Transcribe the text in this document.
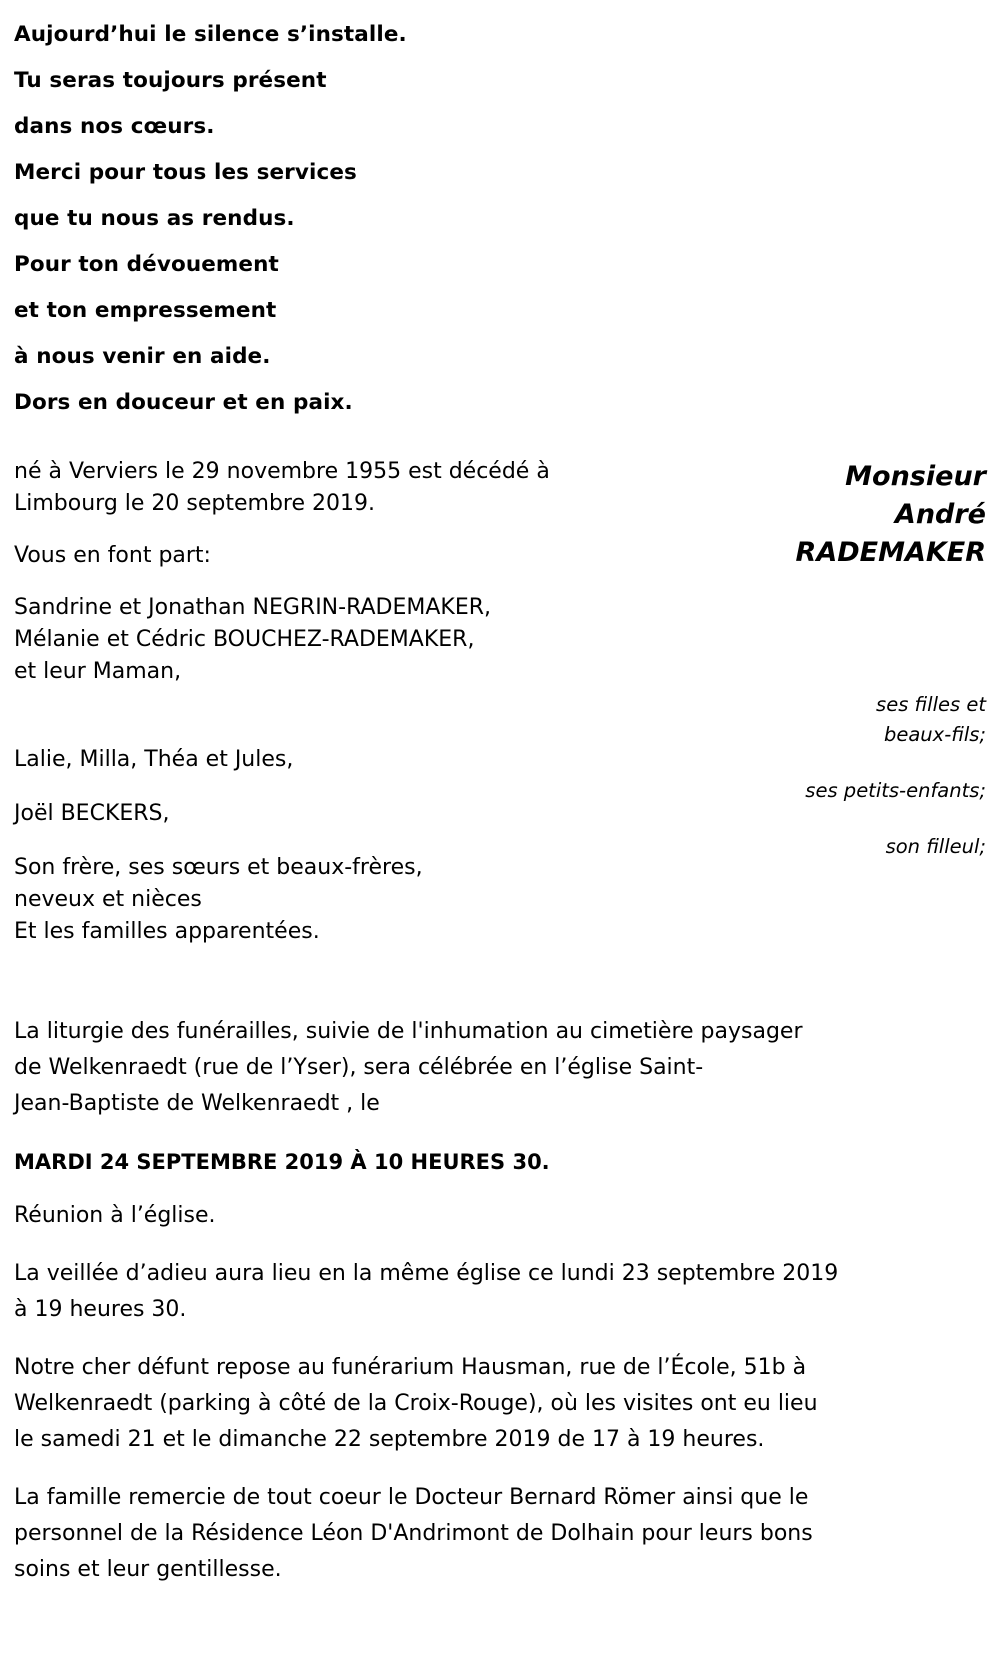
Aujourd’hui le silence s’installe.
Tu seras toujours présent
dans nos cœurs.
Merci pour tous les services
que tu nous as rendus.
Pour ton dévouement
et ton empressement
à nous venir en aide.
Dors en douceur et en paix.
né à Verviers le 29 novembre 1955 est décédé à
Limbourg le 20 septembre 2019.
Vous en font part:
Sandrine et Jonathan NEGRIN-RADEMAKER,
Mélanie et Cédric BOUCHEZ-RADEMAKER,
et leur Maman,
Lalie, Milla, Théa et Jules,
Joël BECKERS,
Son frère, ses sœurs et beaux-frères,
neveux et nièces
Et les familles apparentées.
Monsieur
André
RADEMAKER
ses filles et
beaux-fils;
ses petits-enfants;
son filleul;
La liturgie des funérailles, suivie de l'inhumation au cimetière paysager
de Welkenraedt (rue de l’Yser), sera célébrée en l’église Saint-
Jean-Baptiste de Welkenraedt , le
MARDI 24 SEPTEMBRE 2019 À 10 HEURES 30.
Réunion à l’église.
La veillée d’adieu aura lieu en la même église ce lundi 23 septembre 2019
à 19 heures 30.
Notre cher défunt repose au funérarium Hausman, rue de l’École, 51b à
Welkenraedt (parking à côté de la Croix-Rouge), où les visites ont eu lieu
le samedi 21 et le dimanche 22 septembre 2019 de 17 à 19 heures.
La famille remercie de tout coeur le Docteur Bernard Römer ainsi que le
personnel de la Résidence Léon D'Andrimont de Dolhain pour leurs bons
soins et leur gentillesse.
